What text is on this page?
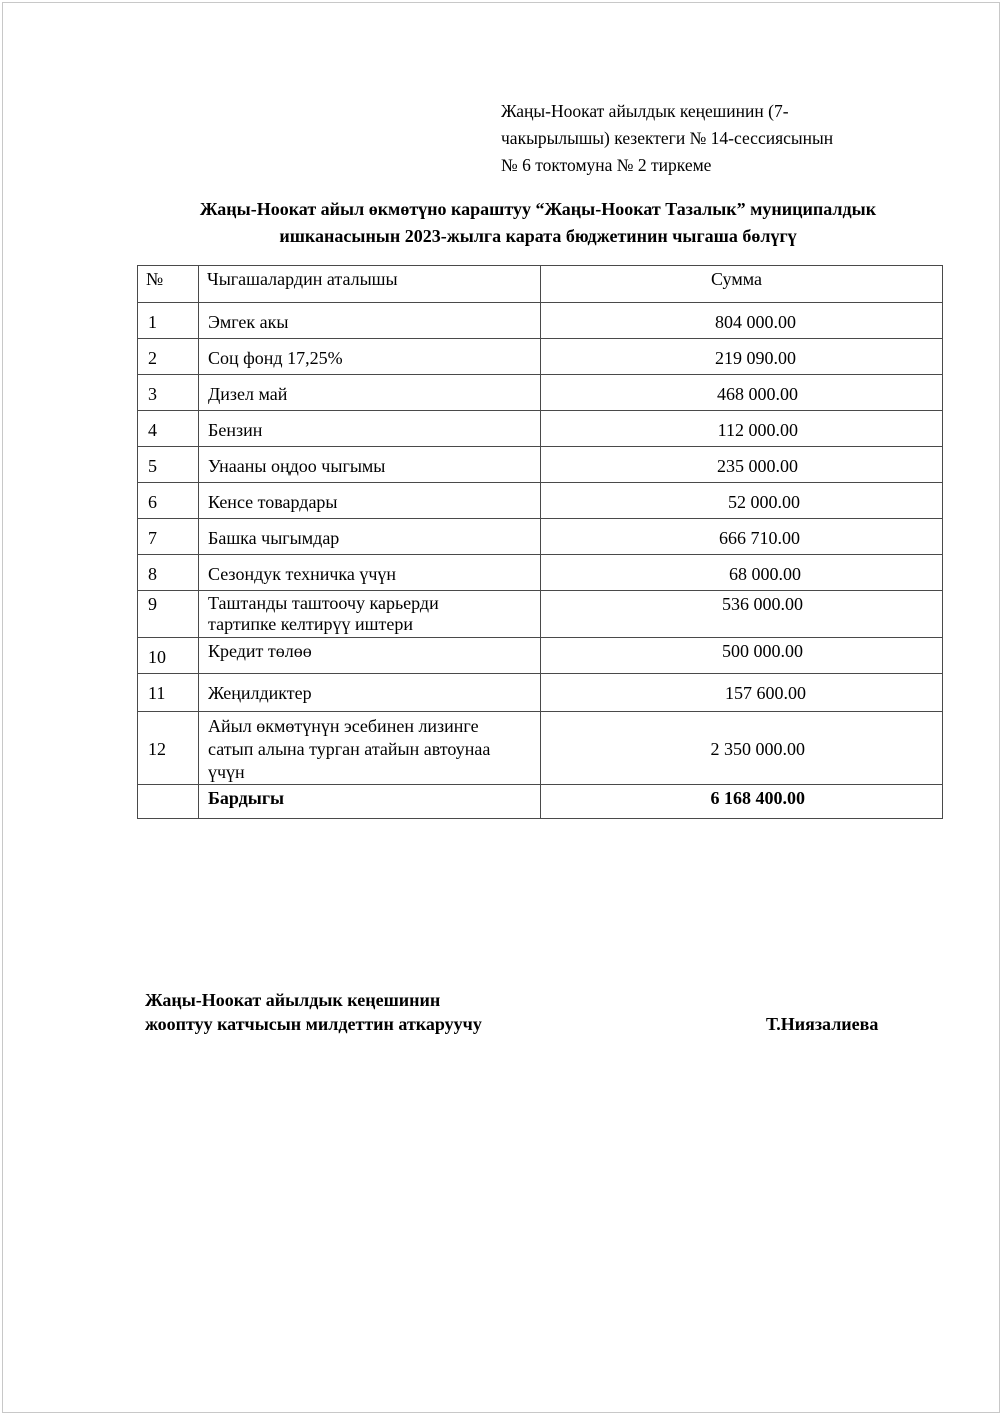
Жаңы-Ноокат айылдык кеңешинин (7-
чакырылышы) кезектеги № 14-сессиясынын
№ 6 токтомуна № 2 тиркеме
Жаңы-Ноокат айыл өкмөтүно караштуу “Жаңы-Ноокат Тазалык” муниципалдык
ишканасынын 2023-жылга карата бюджетинин чыгаша бөлүгү
№	Чыгашалардин аталышы	Сумма

1	Эмгек акы	804 000.00

2	Соц фонд 17,25%	219 090.00

3	Дизел май	468 000.00

4	Бензин	112 000.00

5	Унааны оңдоо чыгымы	235 000.00

6	Кенсе товардары	52 000.00

7	Башка чыгымдар	666 710.00

8	Сезондук техничка үчүн	68 000.00

9	Таштанды таштоочу карьерди
тартипке келтирүү иштери	536 000.00

10	Кредит төлөө	500 000.00

11	Жеңилдиктер	157 600.00

12	Айыл өкмөтүнүн эсебинен лизинге
сатып алына турган атайын автоунаа
үчүн	2 350 000.00

	Бардыгы	6 168 400.00
Жаңы-Ноокат айылдык кеңешинин
жооптуу катчысын милдеттин аткаруучу	Т.Ниязалиева
